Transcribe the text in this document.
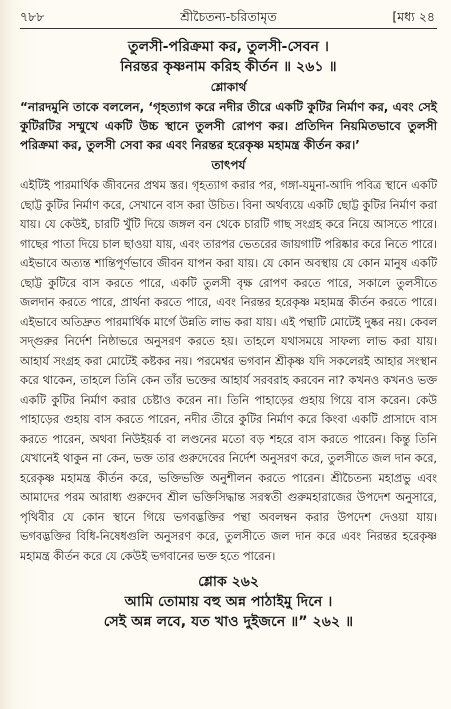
৭৮৮	শ্রীচৈতন্য-চরিতামৃত	[মধ্য ২৪
তুলসী-পরিক্রমা কর, তুলসী-সেবন ।
নিরন্তর কৃষ্ণনাম করিহ কীর্তন ॥ ২৬১ ॥
শ্লোকার্থ

“নারদমুনি তাকে বললেন, ‘গৃহত্যাগ করে নদীর তীরে একটি কুটির নির্মাণ কর, এবং সেই কুটিরটির সম্মুখে একটি উচ্চ স্থানে তুলসী রোপণ কর। প্রতিদিন নিয়মিতভাবে তুলসী পরিক্রমা কর, তুলসী সেবা কর এবং নিরন্তর হরেকৃষ্ণ মহামন্ত্র কীর্তন কর।’

তাৎপর্য

এইটিই পারমার্থিক জীবনের প্রথম স্তর। গৃহত্যাগ করার পর, গঙ্গা-যমুনা-আদি পবিত্র স্থানে একটি ছোট্ট কুটির নির্মাণ করে, সেখানে বাস করা উচিত। বিনা অর্থব্যয়ে একটি ছোট্ট কুটির নির্মাণ করা যায়। যে কেউই, চারটি খুঁটি দিয়ে জঙ্গল বন থেকে চারটি গাছ সংগ্রহ করে নিয়ে আসতে পারে। গাছের পাতা দিয়ে চাল ছাওয়া যায়, এবং তারপর ভেতরের জায়গাটি পরিষ্কার করে নিতে পারে। এইভাবে অত্যন্ত শান্তিপূর্ণভাবে জীবন যাপন করা যায়। যে কোন অবস্থায় যে কোন মানুষ একটি ছোট্ট কুটিরে বাস করতে পারে, একটি তুলসী বৃক্ষ রোপণ করতে পারে, সকালে তুলসীতে জলদান করতে পারে, প্রার্থনা করতে পারে, এবং নিরন্তর হরেকৃষ্ণ মহামন্ত্র কীর্তন করতে পারে। এইভাবে অতিদ্রুত পারমার্থিক মার্গে উন্নতি লাভ করা যায়। এই পন্থাটি মোটেই দুষ্কর নয়। কেবল সদ্গুরুর নির্দেশ নিষ্ঠাভরে অনুসরণ করতে হয়। তাহলে যথাসময়ে সাফল্য লাভ করা যায়। আহার্য সংগ্রহ করা মোটেই কষ্টকর নয়। পরমেশ্বর ভগবান শ্রীকৃষ্ণ যদি সকলেরই আহার সংস্থান করে থাকেন, তাহলে তিনি কেন তাঁর ভক্তের আহার্য সরবরাহ করবেন না? কখনও কখনও ভক্ত একটি কুটির নির্মাণ করার চেষ্টাও করেন না। তিনি পাহাড়ের গুহায় গিয়ে বাস করেন। কেউ পাহাড়ের গুহায় বাস করতে পারেন, নদীর তীরে কুটির নির্মাণ করে কিংবা একটি প্রাসাদে বাস করতে পারেন, অথবা নিউইয়র্ক বা লণ্ডনের মতো বড় শহরে বাস করতে পারেন। কিন্তু তিনি যেখানেই থাকুন না কেন, ভক্ত তার গুরুদেবের নির্দেশ অনুসরণ করে, তুলসীতে জল দান করে, হরেকৃষ্ণ মহামন্ত্র কীর্তন করে, ভক্তিভক্তি অনুশীলন করতে পারেন। শ্রীচৈতন্য মহাপ্রভু এবং আমাদের পরম আরাধ্য গুরুদেব শ্রীল ভক্তিসিদ্ধান্ত সরস্বতী গুরুমহারাজের উপদেশ অনুসারে, পৃথিবীর যে কোন স্থানে গিয়ে ভগবদ্ভক্তির পন্থা অবলম্বন করার উপদেশ দেওয়া যায়। ভগবদ্ভক্তির বিধি-নিষেধগুলি অনুসরণ করে, তুলসীতে জল দান করে এবং নিরন্তর হরেকৃষ্ণ মহামন্ত্র কীর্তন করে যে কেউই ভগবানের ভক্ত হতে পারেন।

শ্লোক ২৬২
আমি তোমায় বহু অন্ন পাঠাইমু দিনে ।
সেই অন্ন লবে, যত খাও দুইজনে ॥” ২৬২ ॥
